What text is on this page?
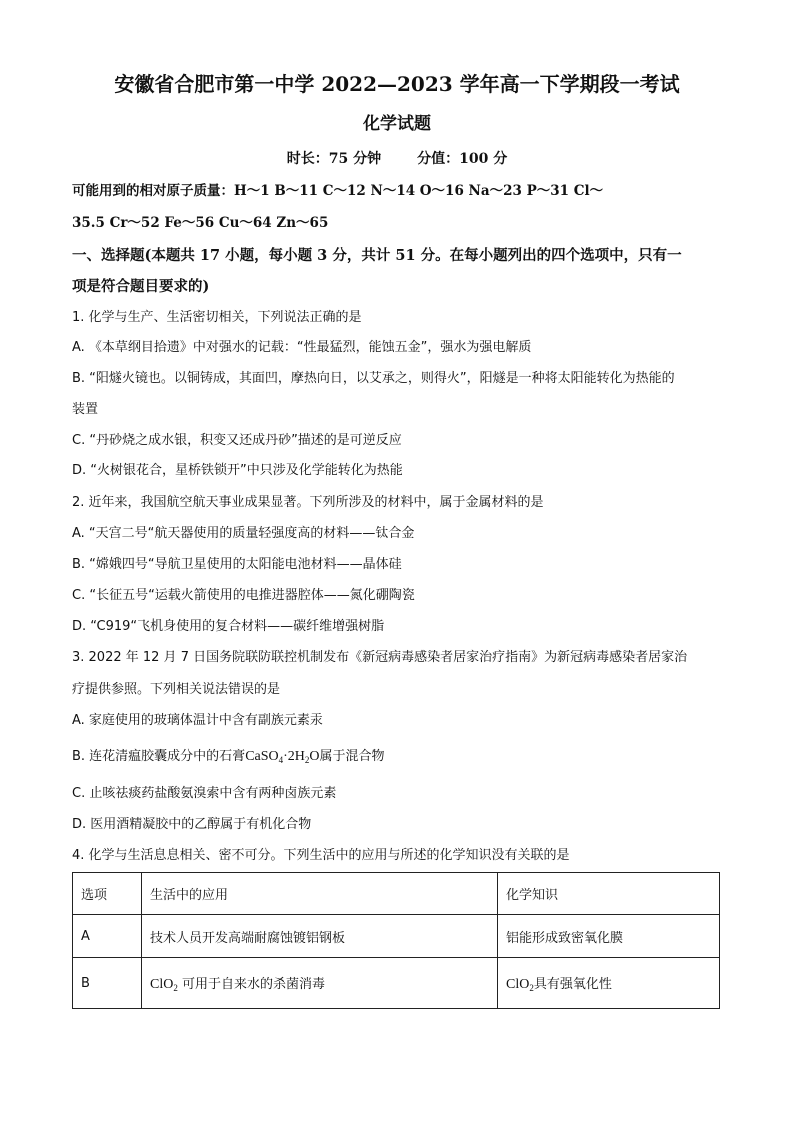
安徽省合肥市第一中学 2022—2023 学年高一下学期段一考试
化学试题
时长：75 分钟	分值：100 分
可能用到的相对原子质量：H～1 B～11 C～12 N～14 O～16 Na～23 P～31 Cl～
35.5 Cr～52 Fe～56 Cu～64 Zn～65
一、选择题(本题共 17 小题，每小题 3 分，共计 51 分。在每小题列出的四个选项中，只有一
项是符合题目要求的)
1. 化学与生产、生活密切相关，下列说法正确的是
A. 《本草纲目拾遗》中对强水的记载：“性最猛烈，能蚀五金”，强水为强电解质
B. “阳燧火镜也。以铜铸成，其面凹，摩热向日，以艾承之，则得火”，阳燧是一种将太阳能转化为热能的
装置
C. “丹砂烧之成水银，积变又还成丹砂”描述的是可逆反应
D. “火树银花合，星桥铁锁开”中只涉及化学能转化为热能
2. 近年来，我国航空航天事业成果显著。下列所涉及的材料中，属于金属材料的是
A. “天宫二号“航天器使用的质量轻强度高的材料——钛合金
B. “嫦娥四号“导航卫星使用的太阳能电池材料——晶体硅
C. “长征五号“运载火箭使用的电推进器腔体——氮化硼陶瓷
D. “C919“飞机身使用的复合材料——碳纤维增强树脂
3. 2022 年 12 月 7 日国务院联防联控机制发布《新冠病毒感染者居家治疗指南》为新冠病毒感染者居家治
疗提供参照。下列相关说法错误的是
A. 家庭使用的玻璃体温计中含有副族元素汞
B. 连花清瘟胶囊成分中的石膏$CaSO_4\cdot 2H_2O$属于混合物
C. 止咳祛痰药盐酸氨溴索中含有两种卤族元素
D. 医用酒精凝胶中的乙醇属于有机化合物
4. 化学与生活息息相关、密不可分。下列生活中的应用与所述的化学知识没有关联的是
选项	生活中的应用	化学知识
A	技术人员开发高端耐腐蚀镀铝钢板	铝能形成致密氧化膜
B	ClO$_2$ 可用于自来水的杀菌消毒	ClO$_2$具有强氧化性
